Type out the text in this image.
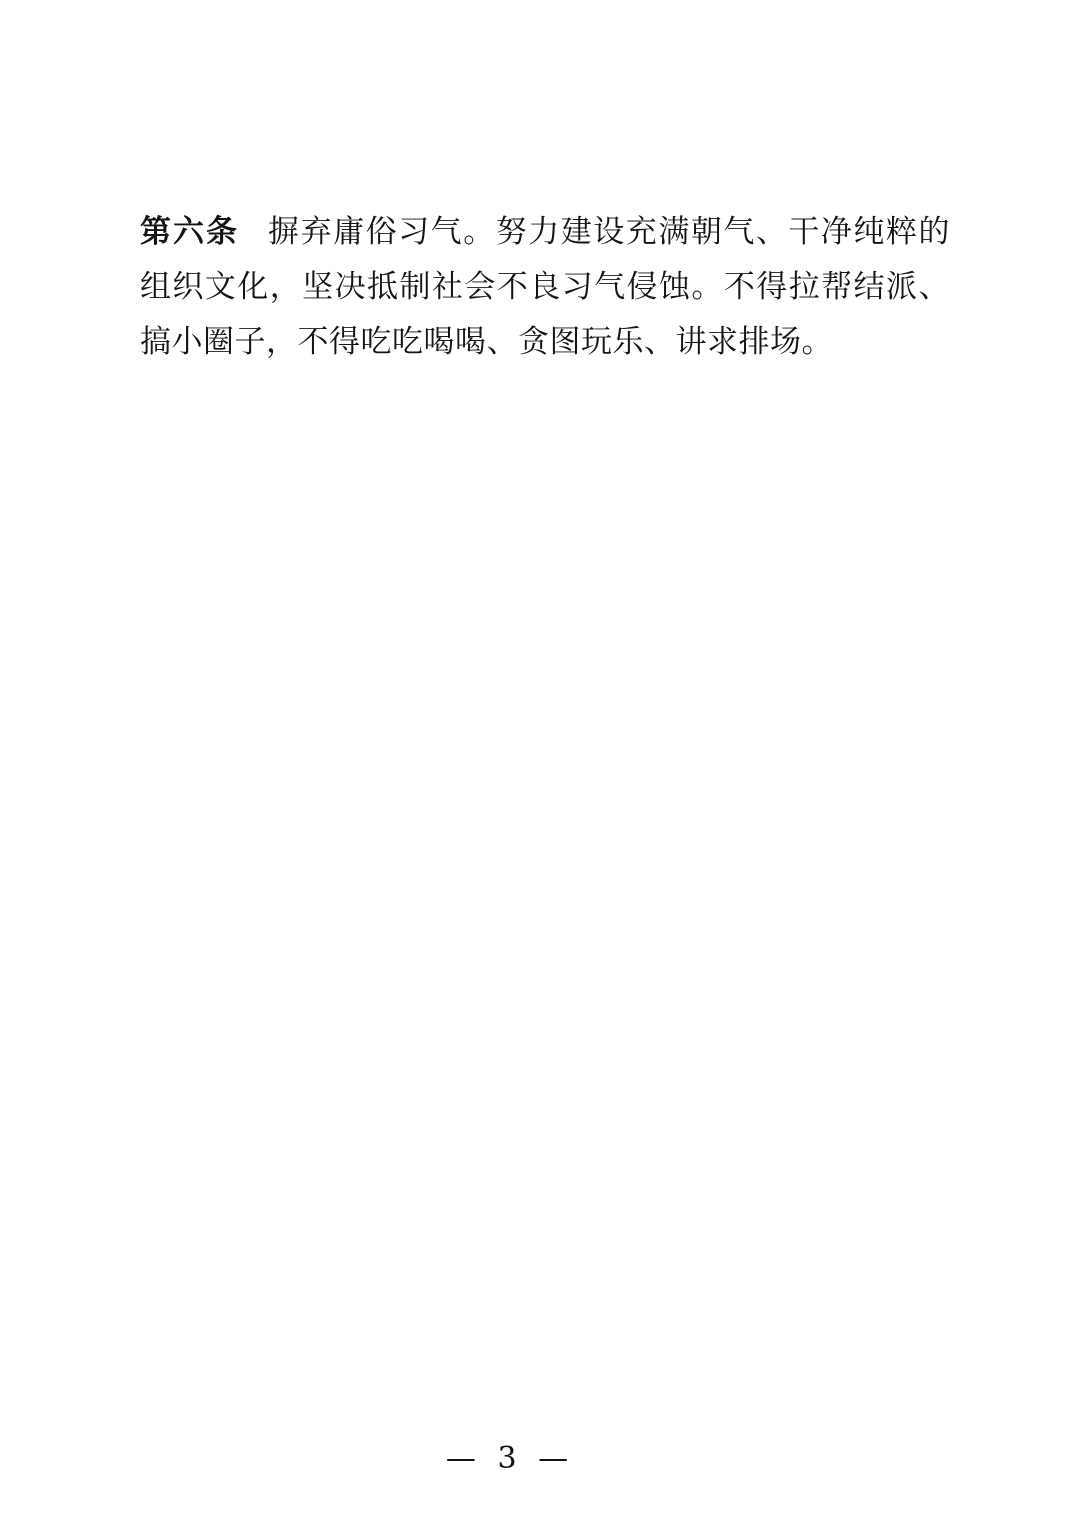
第六条 摒弃庸俗习气。努力建设充满朝气、干净纯粹的组织文化，坚决抵制社会不良习气侵蚀。不得拉帮结派、搞小圈子，不得吃吃喝喝、贪图玩乐、讲求排场。

— 3 —
